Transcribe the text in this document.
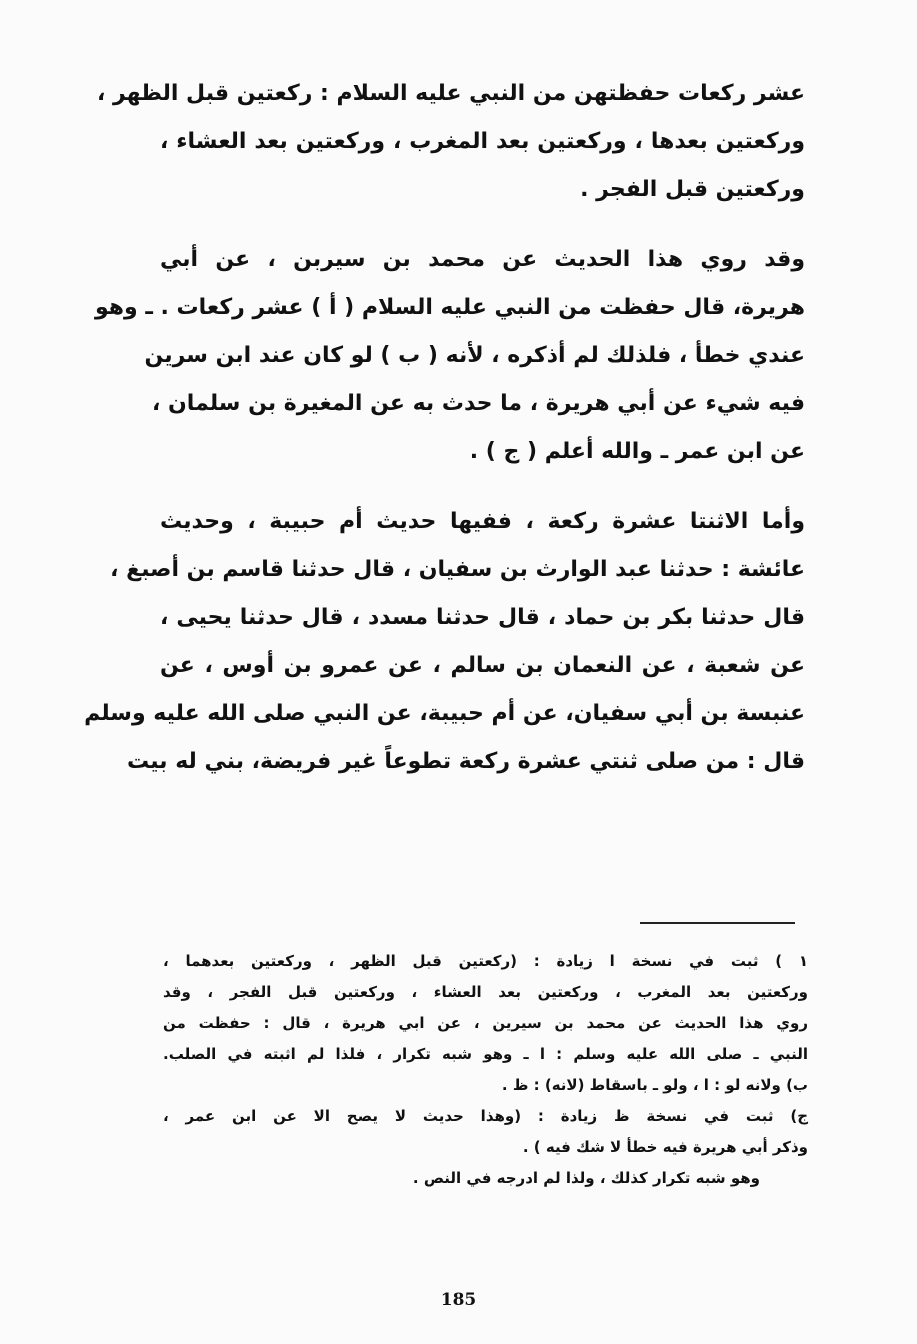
عشر ركعات حفظتهن من النبي عليه السلام : ركعتين قبل الظهر ،
وركعتين بعدها ، وركعتين بعد المغرب ، وركعتين بعد العشاء ،
وركعتين قبل الفجر .

وقد روي هذا الحديث عن محمد بن سيربن ، عن أبي
هريرة، قال حفظت من النبي عليه السلام ( أ ) عشر ركعات . ـ وهو
عندي خطأ ، فلذلك لم أذكره ، لأنه ( ب ) لو كان عند ابن سرين
فيه شيء عن أبي هريرة ، ما حدث به عن المغيرة بن سلمان ،
عن ابن عمر ـ والله أعلم ( ج ) .

وأما الاثنتا عشرة ركعة ، ففيها حديث أم حبيبة ، وحديث
عائشة : حدثنا عبد الوارث بن سفيان ، قال حدثنا قاسم بن أصبغ ،
قال حدثنا بكر بن حماد ، قال حدثنا مسدد ، قال حدثنا يحيى ،
عن شعبة ، عن النعمان بن سالم ، عن عمرو بن أوس ، عن
عنبسة بن أبي سفيان، عن أم حبيبة، عن النبي صلى الله عليه وسلم
قال : من صلى ثنتي عشرة ركعة تطوعاً غير فريضة، بني له بيت

١ ) ثبت في نسخة ا زيادة : (ركعتين قبل الظهر ، وركعتين بعدهما ،
وركعتين بعد المغرب ، وركعتين بعد العشاء ، وركعتين قبل الفجر ، وقد
روي هذا الحديث عن محمد بن سيرين ، عن ابي هريرة ، قال : حفظت من
النبي ـ صلى الله عليه وسلم : ا ـ وهو شبه تكرار ، فلذا لم اثبته في الصلب.

ب) ولانه لو : ا ، ولو ـ باسقاط (لانه) : ظ .

ج) ثبت في نسخة ظ زيادة : (وهذا حديث لا يصح الا عن ابن عمر ،
وذكر أبي هريرة فيه خطأ لا شك فيه ) .

وهو شبه تكرار كذلك ، ولذا لم ادرجه في النص .

185
